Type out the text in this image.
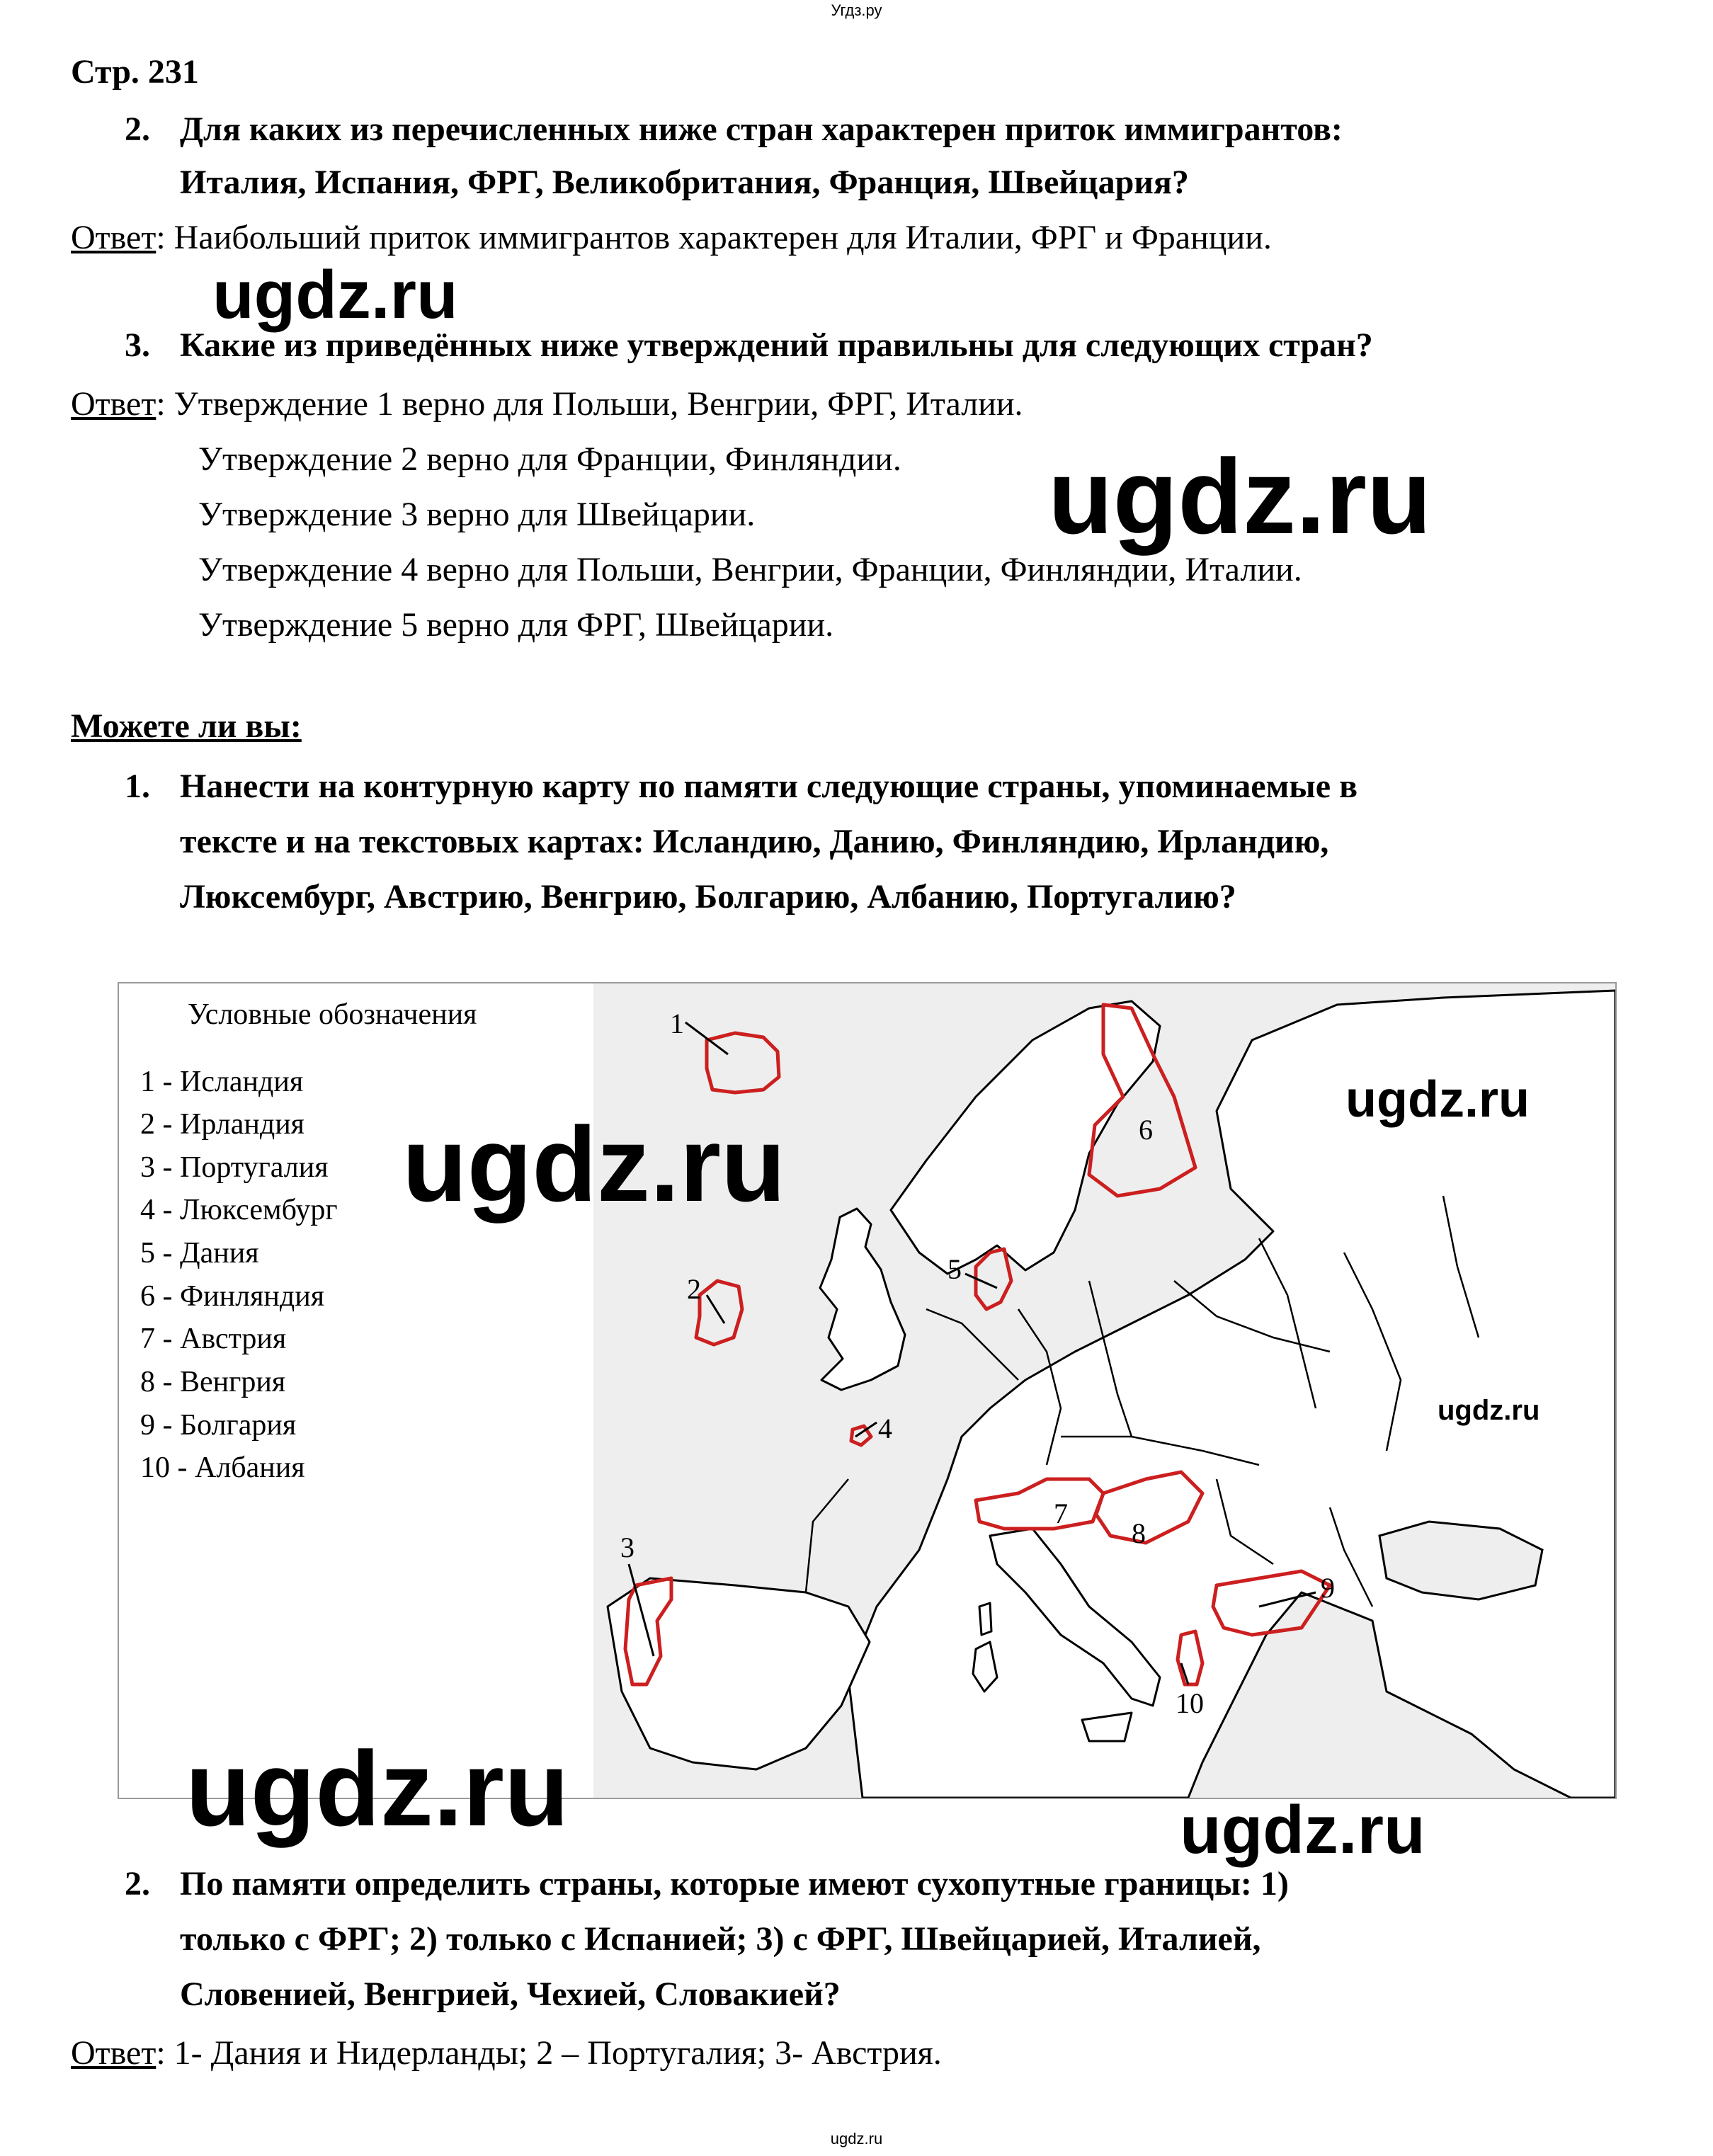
Угдз.ру
Стр. 231
2. Для каких из перечисленных ниже стран характерен приток иммигрантов:
Италия, Испания, ФРГ, Великобритания, Франция, Швейцария?
Ответ: Наибольший приток иммигрантов характерен для Италии, ФРГ и Франции.
3. Какие из приведённых ниже утверждений правильны для следующих стран?
Ответ: Утверждение 1 верно для Польши, Венгрии, ФРГ, Италии.
Утверждение 2 верно для Франции, Финляндии.
Утверждение 3 верно для Швейцарии.
Утверждение 4 верно для Польши, Венгрии, Франции, Финляндии, Италии.
Утверждение 5 верно для ФРГ, Швейцарии.
Можете ли вы:
1. Нанести на контурную карту по памяти следующие страны, упоминаемые в
тексте и на текстовых картах: Исландию, Данию, Финляндию, Ирландию,
Люксембург, Австрию, Венгрию, Болгарию, Албанию, Португалию?
Условные обозначения
1 - Исландия
2 - Ирландия
3 - Португалия
4 - Люксембург
5 - Дания
6 - Финляндия
7 - Австрия
8 - Венгрия
9 - Болгария
10 - Албания
1
2
3
4
5
6
7
8
9
10
2. По памяти определить страны, которые имеют сухопутные границы: 1)
только с ФРГ; 2) только с Испанией; 3) с ФРГ, Швейцарией, Италией,
Словенией, Венгрией, Чехией, Словакией?
Ответ: 1- Дания и Нидерланды; 2 – Португалия; 3- Австрия.
ugdz.ru
ugdz.ru
ugdz.ru
ugdz.ru
ugdz.ru
ugdz.ru	ugdz.ru
ugdz.ru
